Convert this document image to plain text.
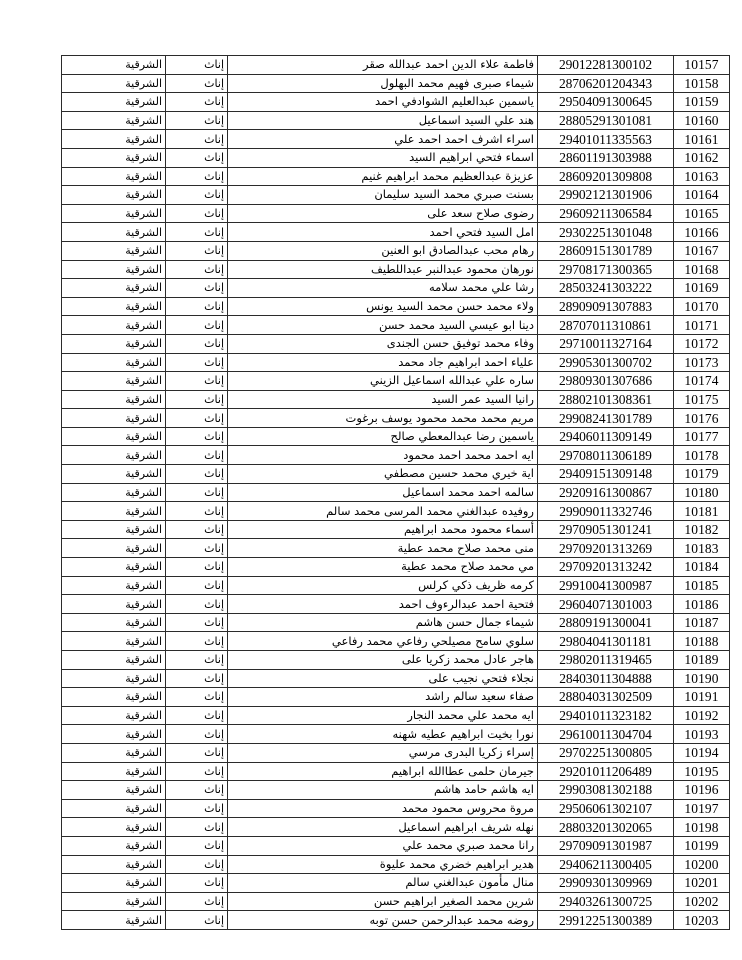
10157	29012281300102	فاطمة علاء الدين احمد عبدالله صقر	إناث	الشرقية
10158	28706201204343	شيماء صبرى فهيم محمد البهلول	إناث	الشرقية
10159	29504091300645	ياسمين عبدالعليم الشوادفي احمد	إناث	الشرقية
10160	28805291301081	هند علي السيد اسماعيل	إناث	الشرقية
10161	29401011335563	اسراء اشرف احمد احمد علي	إناث	الشرقية
10162	28601191303988	اسماء فتحي ابراهيم السيد	إناث	الشرقية
10163	28609201309808	عزيزة عبدالعظيم محمد ابراهيم غنيم	إناث	الشرقية
10164	29902121301906	بسنت صبري محمد السيد سليمان	إناث	الشرقية
10165	29609211306584	رضوى صلاح سعد على	إناث	الشرقية
10166	29302251301048	امل السيد فتحي احمد	إناث	الشرقية
10167	28609151301789	رهام محب عبدالصادق ابو العنين	إناث	الشرقية
10168	29708171300365	نورهان محمود عبدالنبر عبداللطيف	إناث	الشرقية
10169	28503241303222	رشا علي محمد سلامه	إناث	الشرقية
10170	28909091307883	ولاء محمد حسن محمد السيد يونس	إناث	الشرقية
10171	28707011310861	دينا ابو عيسي السيد محمد حسن	إناث	الشرقية
10172	29710011327164	وفاء محمد توفيق حسن الجندى	إناث	الشرقية
10173	29905301300702	علياء احمد ابراهيم جاد محمد	إناث	الشرقية
10174	29809301307686	ساره علي عبدالله اسماعيل الزيني	إناث	الشرقية
10175	28802101308361	رانيا السيد عمر السيد	إناث	الشرقية
10176	29908241301789	مريم محمد محمد محمود يوسف برغوت	إناث	الشرقية
10177	29406011309149	ياسمين رضا عبدالمعطي صالح	إناث	الشرقية
10178	29708011306189	ايه احمد محمد احمد محمود	إناث	الشرقية
10179	29409151309148	اية خيري محمد حسين مصطفي	إناث	الشرقية
10180	29209161300867	سالمه احمد محمد اسماعيل	إناث	الشرقية
10181	29909011332746	روفيده عبدالغني محمد المرسى محمد سالم	إناث	الشرقية
10182	29709051301241	أسماء محمود محمد ابراهيم	إناث	الشرقية
10183	29709201313269	منى محمد صلاح محمد عطية	إناث	الشرقية
10184	29709201313242	مي محمد صلاح محمد عطية	إناث	الشرقية
10185	29910041300987	كرمه ظريف ذكي كرلس	إناث	الشرقية
10186	29604071301003	فتحية احمد عبدالرءوف احمد	إناث	الشرقية
10187	28809191300041	شيماء جمال حسن هاشم	إناث	الشرقية
10188	29804041301181	سلوي سامح مصيلحي رفاعي محمد رفاعي	إناث	الشرقية
10189	29802011319465	هاجر عادل محمد زكريا على	إناث	الشرقية
10190	28403011304888	نجلاء فتحي نجيب على	إناث	الشرقية
10191	28804031302509	صفاء سعيد سالم راشد	إناث	الشرقية
10192	29401011323182	ايه محمد علي محمد النجار	إناث	الشرقية
10193	29610011304704	نورا بخيت ابراهيم عطيه شهنه	إناث	الشرقية
10194	29702251300805	إسراء زكريا البدرى مرسي	إناث	الشرقية
10195	29201011206489	جيرمان حلمى عطاالله ابراهيم	إناث	الشرقية
10196	29903081302188	ايه هاشم حامد هاشم	إناث	الشرقية
10197	29506061302107	مروة محروس محمود محمد	إناث	الشرقية
10198	28803201302065	نهله شريف ابراهيم اسماعيل	إناث	الشرقية
10199	29709091301987	رانا محمد صبري محمد علي	إناث	الشرقية
10200	29406211300405	هدير ابراهيم خضري محمد عليوة	إناث	الشرقية
10201	29909301309969	منال مأمون عبدالغني سالم	إناث	الشرقية
10202	29403261300725	شرين محمد الصغير ابراهيم حسن	إناث	الشرقية
10203	29912251300389	روضه محمد عبدالرحمن حسن توبه	إناث	الشرقية
